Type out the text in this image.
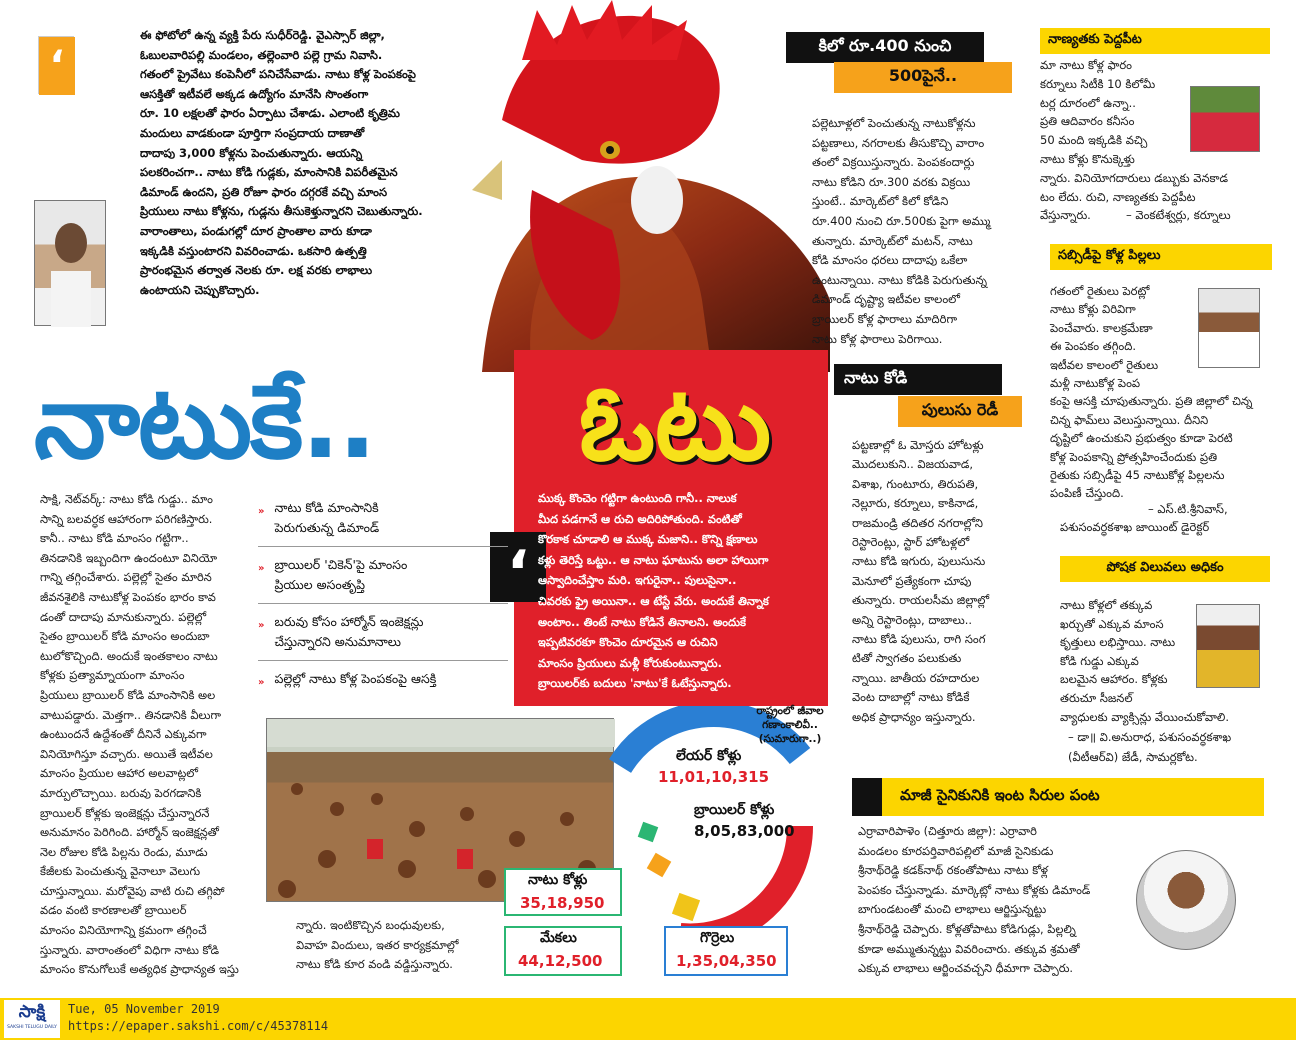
‘
ఈ ఫోటోలో ఉన్న వ్యక్తి పేరు సుధీర్‌రెడ్డి. వైఎస్సార్‌ జిల్లా,
ఓబులవారిపల్లి మండలం, తల్లెంవారి పల్లె గ్రామ నివాసి.
గతంలో ప్రైవేటు కంపెనీలో పనిచేసేవాడు. నాటు కోళ్ల పెంపకంపై
ఆసక్తితో ఇటీవలే అక్కడ ఉద్యోగం మానేసి సొంతంగా
రూ. 10 లక్షలతో ఫారం ఏర్పాటు చేశాడు. ఎలాంటి కృత్రిమ
మందులు వాడకుండా పూర్తిగా సంప్రదాయ దాణాతో
దాదాపు 3,000 కోళ్లను పెంచుతున్నారు. ఆయన్ని
పలకరించగా.. నాటు కోడి గుడ్లకు, మాంసానికి విపరీతమైన
డిమాండ్‌ ఉందని, ప్రతి రోజూ ఫారం దగ్గరకే వచ్చి మాంస
ప్రియులు నాటు కోళ్లను, గుడ్లను తీసుకెళ్తున్నారని చెబుతున్నారు.
వారాంతాలు, పండుగల్లో దూర ప్రాంతాల వారు కూడా
ఇక్కడికి వస్తుంటారని వివరించాడు. ఒకసారి ఉత్పత్తి
ప్రారంభమైన తర్వాత నెలకు రూ. లక్ష వరకు లాభాలు
ఉంటాయని చెప్పుకొచ్చారు.
కిలో రూ.400 నుంచి
500పైనే..
పల్లెటూళ్లలో పెంచుతున్న నాటుకోళ్లను
పట్టణాలు, నగరాలకు తీసుకొచ్చి వారాం
తంలో విక్రయిస్తున్నారు. పెంపకందార్లు
నాటు కోడిని రూ.300 వరకు విక్రయి
స్తుంటే.. మార్కెట్‌లో కిలో కోడిని
రూ.400 నుంచి రూ.500కు పైగా అమ్ము
తున్నారు. మార్కెట్‌లో మటన్‌, నాటు
కోడి మాంసం ధరలు దాదాపు ఒకేలా
ఉంటున్నాయి. నాటు కోడికి పెరుగుతున్న
డిమాండ్‌ దృష్ట్యా ఇటీవల కాలంలో
బ్రాయిలర్‌ కోళ్ల ఫారాలు మాదిరిగా
నాటు కోళ్ల ఫారాలు పెరిగాయి.
నాణ్యతకు పెద్దపీట
మా నాటు కోళ్ల ఫారం
కర్నూలు సిటీకి 10 కిలోమీ
టర్ల దూరంలో ఉన్నా..
ప్రతి ఆదివారం కనీసం
50 మంది ఇక్కడికి వచ్చి
నాటు కోళ్లు కొనుక్కెళ్తు
న్నారు. వినియోగదారులు డబ్బుకు వెనకాడ
టం లేదు. రుచి, నాణ్యతకు పెద్దపీట
వేస్తున్నారు.	– వెంకటేశ్వర్లు, కర్నూలు
సబ్సిడీపై కోళ్ల పిల్లలు
గతంలో రైతులు పెరట్లో
నాటు కోళ్లు విరివిగా
పెంచేవారు. కాలక్రమేణా
ఈ పెంపకం తగ్గింది.
ఇటీవల కాలంలో రైతులు
మళ్లీ నాటుకోళ్ల పెంప
కంపై ఆసక్తి చూపుతున్నారు. ప్రతి జిల్లాలో చిన్న
చిన్న ఫామ్‌లు వెలుస్తున్నాయి. దీనిని
దృష్టిలో ఉంచుకుని ప్రభుత్వం కూడా పెరటి
కోళ్ల పెంపకాన్ని ప్రోత్సహించేందుకు ప్రతి
రైతుకు సబ్సిడీపై 45 నాటుకోళ్ల పిల్లలను
పంపిణీ చేస్తుంది.
– ఎస్‌.టి.శ్రీనివాస్‌,
పశుసంవర్ధకశాఖ జాయింట్‌ డైరెక్టర్‌
పోషక విలువలు అధికం
నాటు కోళ్లలో తక్కువ
ఖర్చుతో ఎక్కువ మాంస
కృత్తులు లభిస్తాయి. నాటు
కోడి గుడ్డు ఎక్కువ
బలమైన ఆహారం. కోళ్లకు
తరుచూ సీజనల్‌
వ్యాధులకు వ్యాక్సిన్లు వేయించుకోవాలి.
– డా॥ వి.అనురాధ, పశుసంవర్ధకశాఖ
(వీటీఆర్‌వి) జేడీ, సామర్లకోట.
నాటు కోడి
పులుసు రెడీ
పట్టణాల్లో ఓ మోస్తరు హోటళ్లు
మొదలుకుని.. విజయవాడ,
విశాఖ, గుంటూరు, తిరుపతి,
నెల్లూరు, కర్నూలు, కాకినాడ,
రాజమండ్రి తదితర నగరాల్లోని
రెస్టారెంట్లు, స్టార్‌ హోటళ్లలో
నాటు కోడి ఇగురు, పులుసును
మెనూలో ప్రత్యేకంగా చూపు
తున్నారు. రాయలసీమ జిల్లాల్లో
అన్ని రెస్టారెంట్లు, దాబాలు..
నాటు కోడి పులుసు, రాగి సంగ
టితో స్వాగతం పలుకుతు
న్నాయి. జాతీయ రహదారుల
వెంట దాబాల్లో నాటు కోడికే
అధిక ప్రాధాన్యం ఇస్తున్నారు.
నాటుకే..	ఓటు
‘
ముక్క కొంచెం గట్టిగా ఉంటుంది గానీ.. నాలుక
మీద పడగానే ఆ రుచి అదిరిపోతుంది. వంటితో
కొరకాక చూడాలి ఆ ముక్క మజాని.. కొన్ని క్షణాలు
కళ్లు తెరిస్తే ఒట్టు.. ఆ నాటు ఘాటును అలా హాయిగా
ఆస్వాదించేస్తాం మరి. ఇగురైనా.. పులుసైనా..
చివరకు ఫ్రై అయినా.. ఆ టేస్టే వేరు. అందుకే తిన్నాక
అంటాం.. తింటే నాటు కోడినే తినాలని. అందుకే
ఇప్పటివరకూ కొంచెం దూరమైన ఆ రుచిని
మాంసం ప్రియులు మళ్లీ కోరుకుంటున్నారు.
బ్రాయిలర్‌కు బదులు 'నాటు'కే ఓటేస్తున్నారు.
సాక్షి, నెట్‌వర్క్‌: నాటు కోడి గుడ్డు.. మాం
సాన్ని బలవర్ధక ఆహారంగా పరిగణిస్తారు.
కానీ.. నాటు కోడి మాంసం గట్టిగా..
తినడానికి ఇబ్బందిగా ఉందంటూ వినియో
గాన్ని తగ్గించేశారు. పల్లెల్లో సైతం మారిన
జీవనశైలికి నాటుకోళ్ల పెంపకం భారం కావ
డంతో దాదాపు మానుకున్నారు. పల్లెల్లో
సైతం బ్రాయిలర్‌ కోడి మాంసం అందుబా
టులోకొచ్చింది. అందుకే ఇంతకాలం నాటు
కోళ్లకు ప్రత్యామ్నాయంగా మాంసం
ప్రియులు బ్రాయిలర్‌ కోడి మాంసానికి అల
వాటుపడ్డారు. మెత్తగా.. తినడానికి వీలుగా
ఉంటుందనే ఉద్దేశంతో దీనినే ఎక్కువగా
వినియోగిస్తూ వచ్చారు. అయితే ఇటీవల
మాంసం ప్రియుల ఆహార అలవాట్లలో
మార్పులొచ్చాయి. బరువు పెరగడానికి
బ్రాయిలర్‌ కోళ్లకు ఇంజెక్షన్లు చేస్తున్నారనే
అనుమానం పెరిగింది. హార్మోన్‌ ఇంజెక్షన్లతో
నెల రోజుల కోడి పిల్లను రెండు, మూడు
కేజీలకు పెంచుతున్న వైనాలూ వెలుగు
చూస్తున్నాయి. మరోవైపు వాటి రుచి తగ్గిపో
వడం వంటి కారణాలతో బ్రాయిలర్‌
మాంసం వినియోగాన్ని క్రమంగా తగ్గించే
స్తున్నారు. వారాంతంలో విధిగా నాటు కోడి
మాంసం కొనుగోలుకే అత్యధిక ప్రాధాన్యత ఇస్తు
» నాటు కోడి మాంసానికి
పెరుగుతున్న డిమాండ్‌
» బ్రాయిలర్‌ 'చికెన్‌'పై మాంసం
ప్రియుల అసంతృప్తి
» బరువు కోసం హార్మోన్‌ ఇంజెక్షన్లు
చేస్తున్నారని అనుమానాలు
» పల్లెల్లో నాటు కోళ్ల పెంపకంపై ఆసక్తి
న్నారు. ఇంటికొచ్చిన బంధువులకు,
వివాహ విందులు, ఇతర కార్యక్రమాల్లో
నాటు కోడి కూర వండి వడ్డిస్తున్నారు.
రాష్ట్రంలో జీవాల
గణాంకాలివీ..
(సుమారుగా..)
లేయర్‌ కోళ్లు
11,01,10,315
బ్రాయిలర్‌ కోళ్లు
8,05,83,000
నాటు కోళ్లు
35,18,950
మేకలు
44,12,500
గొర్రెలు
1,35,04,350
మాజీ సైనికునికి ఇంట సిరుల పంట
ఎర్రావారిపాళెం (చిత్తూరు జిల్లా): ఎర్రావారి
మండలం కూరపర్తివారిపల్లిలో మాజీ సైనికుడు
శ్రీనాథ్‌రెడ్డి కడక్‌నాథ్‌ రకంతోపాటు నాటు కోళ్ల
పెంపకం చేస్తున్నాడు. మార్కెట్లో నాటు కోళ్లకు డిమాండ్‌
బాగుండటంతో మంచి లాభాలు ఆర్జిస్తున్నట్టు
శ్రీనాథ్‌రెడ్డి చెప్పారు. కోళ్లతోపాటు కోడిగుడ్లు, పిల్లల్ని
కూడా అమ్ముతున్నట్టు వివరించారు. తక్కువ శ్రమతో
ఎక్కువ లాభాలు ఆర్జించవచ్చని ధీమాగా చెప్పారు.
సాక్షి
SAKSHI TELUGU DAILY
Tue, 05 November 2019
https://epaper.sakshi.com/c/45378114
